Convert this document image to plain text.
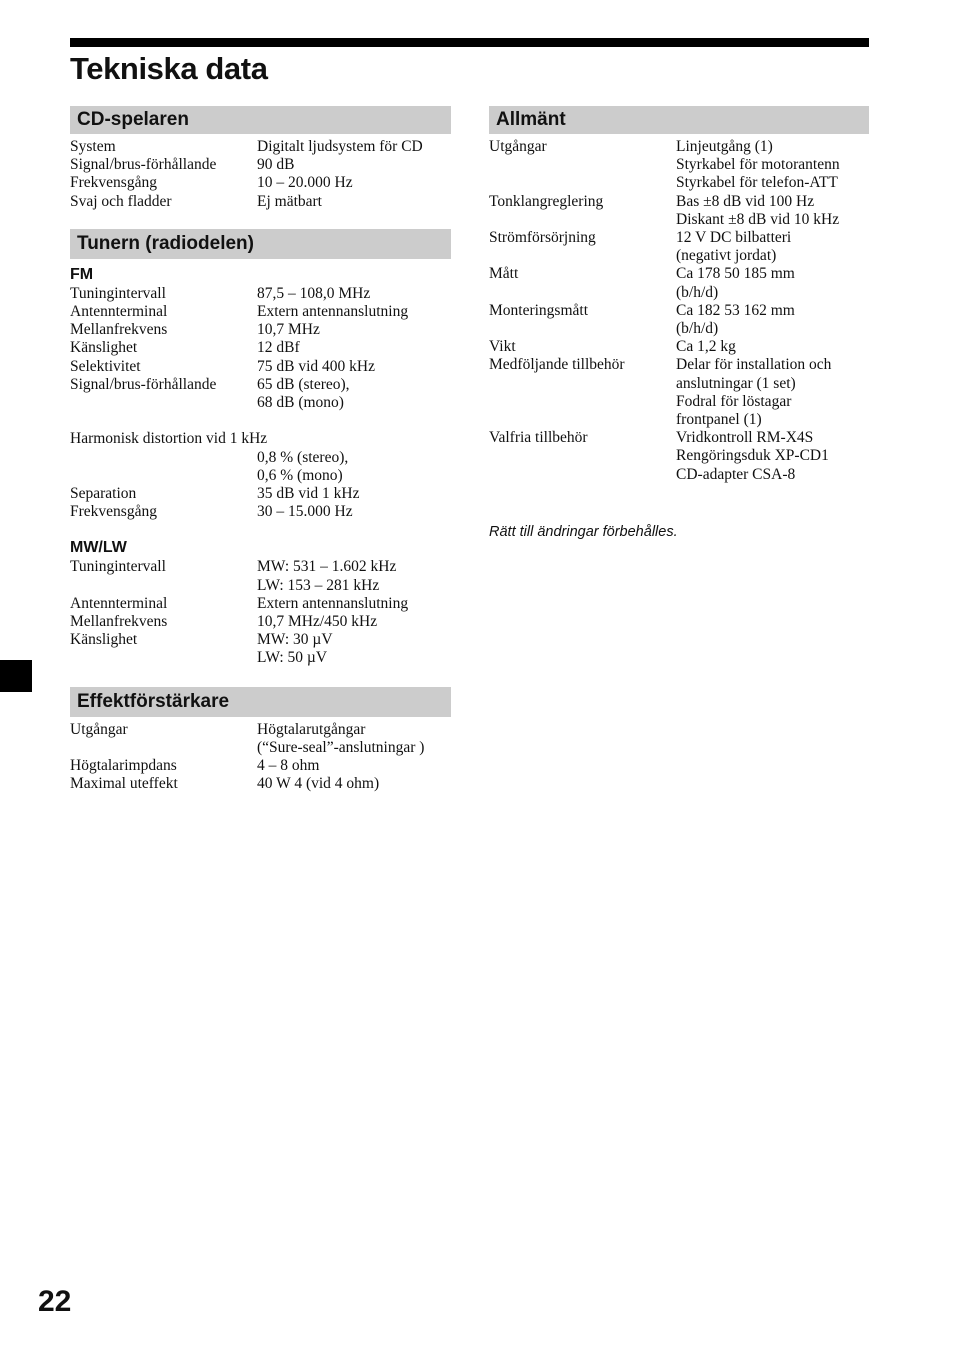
Tekniska data
CD-spelaren
System	Digitalt ljudsystem för CD
Signal/brus-förhållande	90 dB
Frekvensgång	10 – 20.000 Hz
Svaj och fladder	Ej mätbart
Tunern (radiodelen)
FM
Tuningintervall	87,5 – 108,0 MHz
Antennterminal	Extern antennanslutning
Mellanfrekvens	10,7 MHz
Känslighet	12 dBf
Selektivitet	75 dB vid 400 kHz
Signal/brus-förhållande	65 dB (stereo),
68 dB (mono)
Harmonisk distortion vid 1 kHz
0,8 % (stereo),
0,6 % (mono)
Separation	35 dB vid 1 kHz
Frekvensgång	30 – 15.000 Hz
MW/LW
Tuningintervall	MW: 531 – 1.602 kHz
LW: 153 – 281 kHz
Antennterminal	Extern antennanslutning
Mellanfrekvens	10,7 MHz/450 kHz
Känslighet	MW: 30 µV
LW: 50 µV
Effektförstärkare
Utgångar	Högtalarutgångar
(“Sure-seal”-anslutningar )
Högtalarimpdans	4 – 8 ohm
Maximal uteffekt	40 W 4 (vid 4 ohm)
Allmänt
Utgångar	Linjeutgång (1)
Styrkabel för motorantenn
Styrkabel för telefon-ATT
Tonklangreglering	Bas ±8 dB vid 100 Hz
Diskant ±8 dB vid 10 kHz
Strömförsörjning	12 V DC bilbatteri
(negativt jordat)
Mått	Ca 178 50 185 mm
(b/h/d)
Monteringsmått	Ca 182 53 162 mm
(b/h/d)
Vikt	Ca 1,2 kg
Medföljande tillbehör	Delar för installation och
anslutningar (1 set)
Fodral för löstagar
frontpanel (1)
Valfria tillbehör	Vridkontroll RM-X4S
Rengöringsduk XP-CD1
CD-adapter CSA-8
Rätt till ändringar förbehålles.
22
